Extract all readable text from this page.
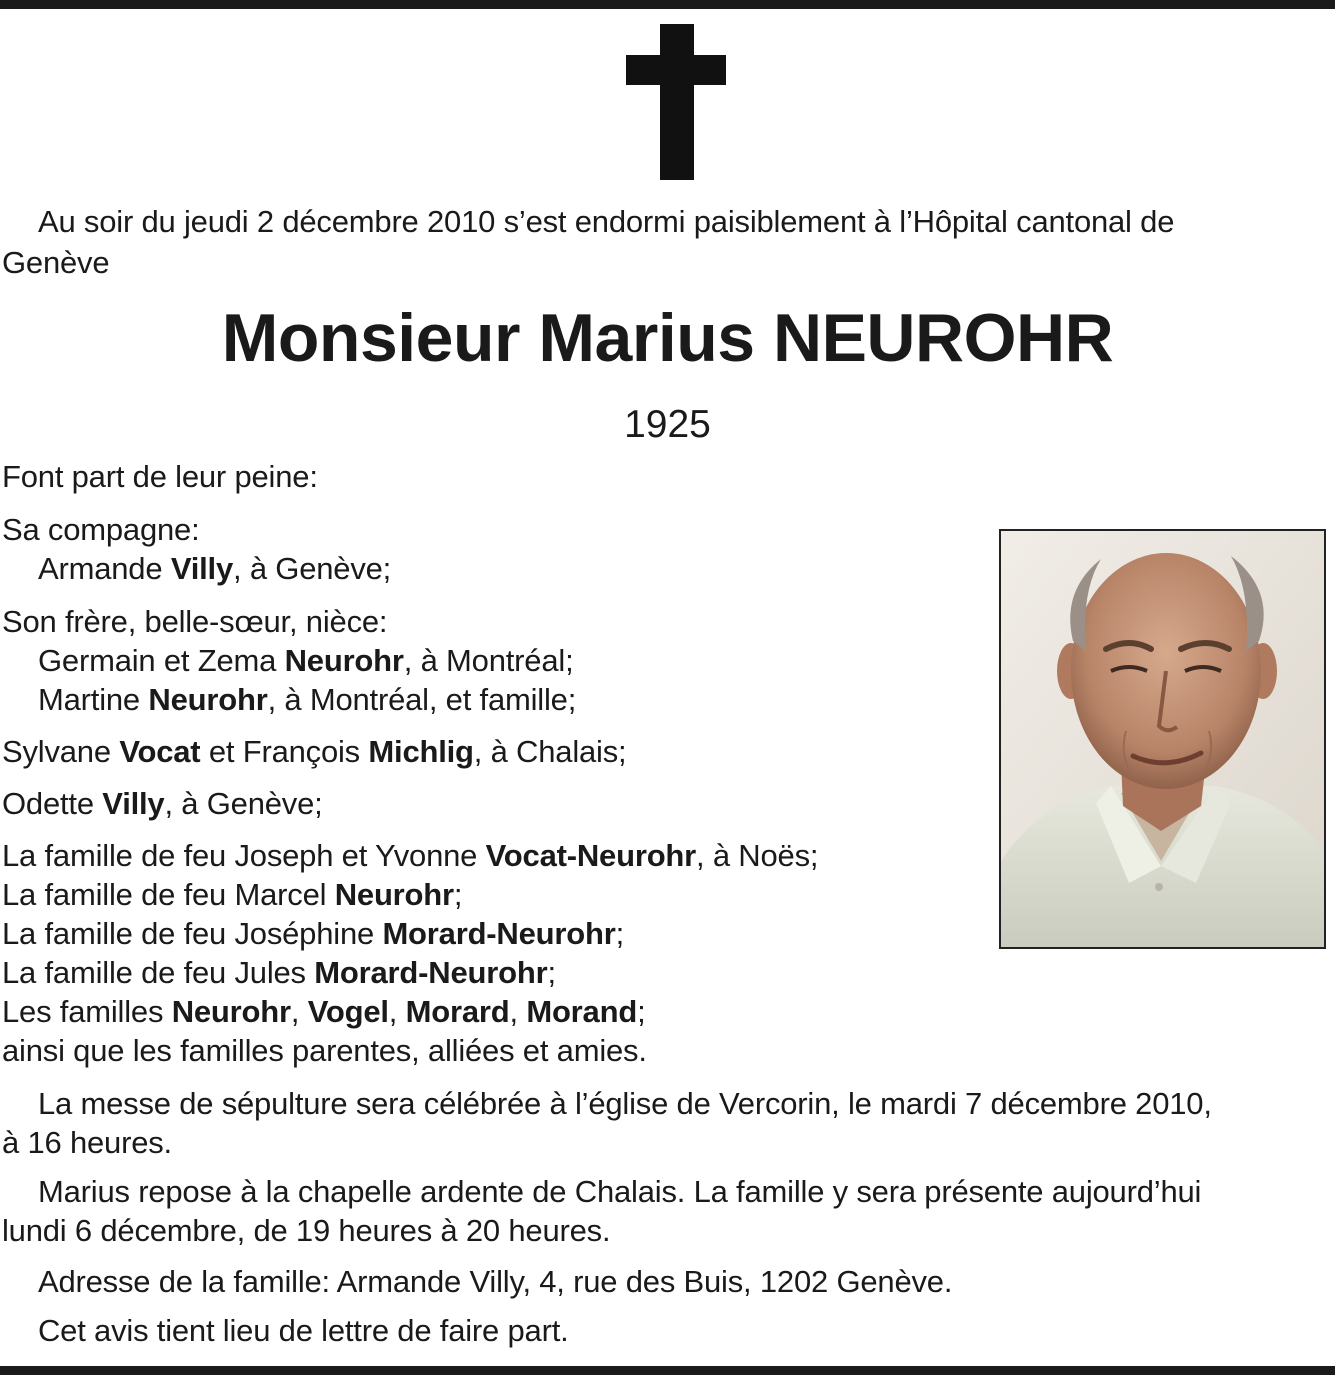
Au soir du jeudi 2 décembre 2010 s’est endormi paisiblement à l’Hôpital cantonal de
Genève
Monsieur Marius NEUROHR
1925
Font part de leur peine:
Sa compagne:
Armande Villy, à Genève;
Son frère, belle-sœur, nièce:
Germain et Zema Neurohr, à Montréal;
Martine Neurohr, à Montréal, et famille;
Sylvane Vocat et François Michlig, à Chalais;
Odette Villy, à Genève;
La famille de feu Joseph et Yvonne Vocat-Neurohr, à Noës;
La famille de feu Marcel Neurohr;
La famille de feu Joséphine Morard-Neurohr;
La famille de feu Jules Morard-Neurohr;
Les familles Neurohr, Vogel, Morard, Morand;
ainsi que les familles parentes, alliées et amies.
La messe de sépulture sera célébrée à l’église de Vercorin, le mardi 7 décembre 2010,
à 16 heures.
Marius repose à la chapelle ardente de Chalais. La famille y sera présente aujourd’hui
lundi 6 décembre, de 19 heures à 20 heures.
Adresse de la famille: Armande Villy, 4, rue des Buis, 1202 Genève.
Cet avis tient lieu de lettre de faire part.
